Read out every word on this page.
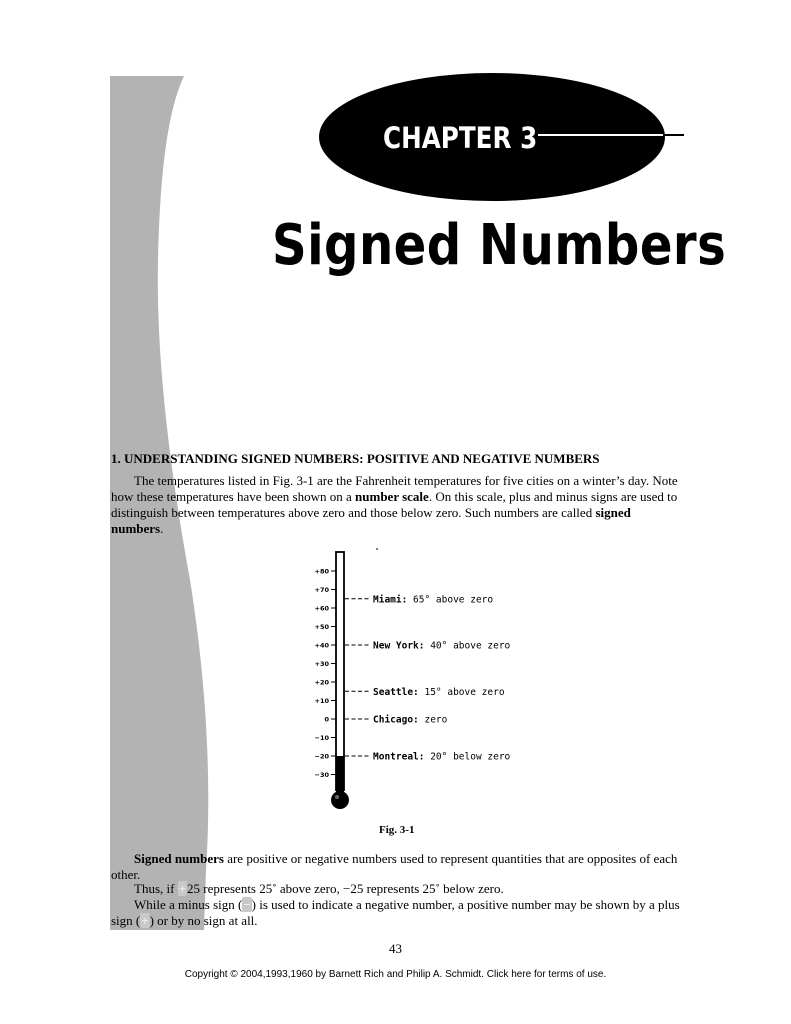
CHAPTER 3
Signed Numbers
1. UNDERSTANDING SIGNED NUMBERS: POSITIVE AND NEGATIVE NUMBERS
The temperatures listed in Fig. 3-1 are the Fahrenheit temperatures for five cities on a winter’s day. Note how these temperatures have been shown on a number scale. On this scale, plus and minus signs are used to distinguish between temperatures above zero and those below zero. Such numbers are called signed numbers.
+80
+70
+60
+50
+40
+30
+20
+10
0
−10
−20
−30
Miami: 65° above zero
New York: 40° above zero
Seattle: 15° above zero
Chicago: zero
Montreal: 20° below zero
Fig. 3-1
Signed numbers are positive or negative numbers used to represent quantities that are opposites of each other.
Thus, if +25 represents 25˚ above zero, −25 represents 25˚ below zero.
While a minus sign (−) is used to indicate a negative number, a positive number may be shown by a plus sign (+) or by no sign at all.
43
Copyright © 2004,1993,1960 by Barnett Rich and Philip A. Schmidt. Click here for terms of use.
